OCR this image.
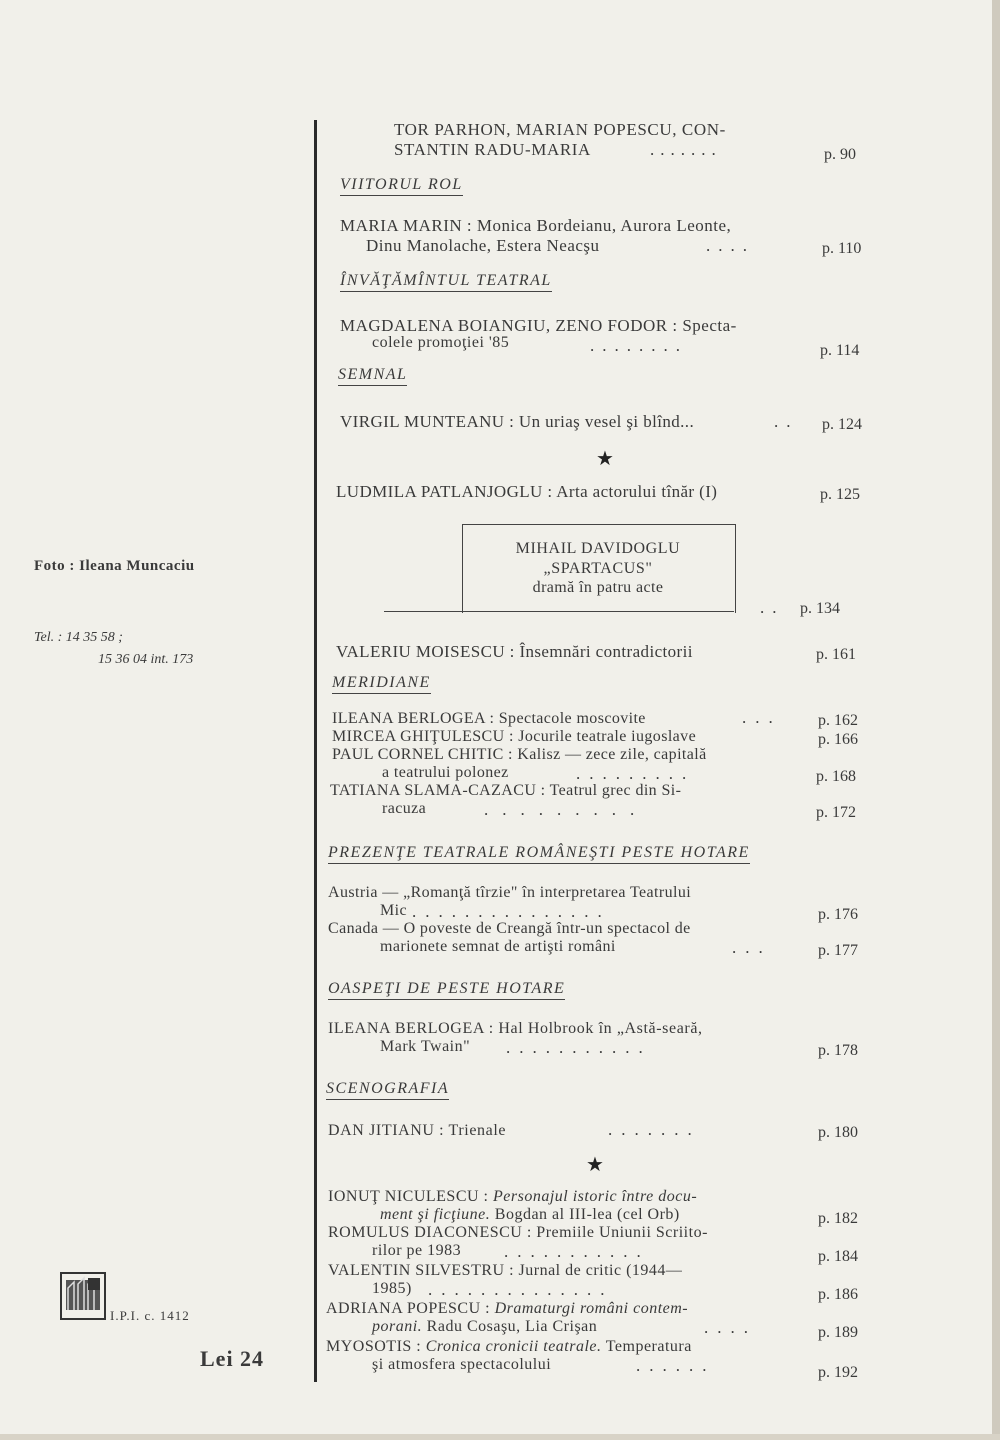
Foto : Ileana Muncaciu
Tel. : 14 35 58 ;
15 36 04 int. 173
I.P.I. c. 1412
Lei 24
TOR PARHON, MARIAN POPESCU, CON-
STANTIN RADU-MARIA	.......	p. 90
VIITORUL ROL
MARIA MARIN : Monica Bordeianu, Aurora Leonte,
Dinu Manolache, Estera Neacşu	....	p. 110
ÎNVĂŢĂMÎNTUL TEATRAL
MAGDALENA BOIANGIU, ZENO FODOR : Specta-
colele promoţiei '85	........	p. 114
SEMNAL
VIRGIL MUNTEANU : Un uriaş vesel şi blînd...	.. p. 124
★
LUDMILA PATLANJOGLU : Arta actorului tînăr (I)	p. 125
MIHAIL DAVIDOGLU
„SPARTACUS"
dramă în patru acte
.. p. 134
VALERIU MOISESCU : Însemnări contradictorii	p. 161
MERIDIANE
ILEANA BERLOGEA : Spectacole moscovite	... p. 162
MIRCEA GHIŢULESCU : Jocurile teatrale iugoslave	p. 166
PAUL CORNEL CHITIC : Kalisz — zece zile, capitală
a teatrului polonez	.........	p. 168
TATIANA SLAMA-CAZACU : Teatrul grec din Si-
racuza	.........	p. 172
PREZENŢE TEATRALE ROMÂNEŞTI PESTE HOTARE
Austria — „Romanţă tîrzie" în interpretarea Teatrului
Mic ...............	p. 176
Canada — O poveste de Creangă într-un spectacol de
marionete semnat de artişti români	...	p. 177
OASPEŢI DE PESTE HOTARE
ILEANA BERLOGEA : Hal Holbrook în „Astă-seară,
Mark Twain" ...........	p. 178
SCENOGRAFIA
DAN JITIANU : Trienale	.......	p. 180
★
IONUŢ NICULESCU : Personajul istoric între docu-
ment şi ficţiune. Bogdan al III-lea (cel Orb)	p. 182
ROMULUS DIACONESCU : Premiile Uniunii Scriito-
rilor pe 1983	...........	p. 184
VALENTIN SILVESTRU : Jurnal de critic (1944—
1985) ..............	p. 186
ADRIANA POPESCU : Dramaturgi români contem-
porani. Radu Cosaşu, Lia Crişan	....	p. 189
MYOSOTIS : Cronica cronicii teatrale. Temperatura
şi atmosfera spectacolului	......	p. 192
